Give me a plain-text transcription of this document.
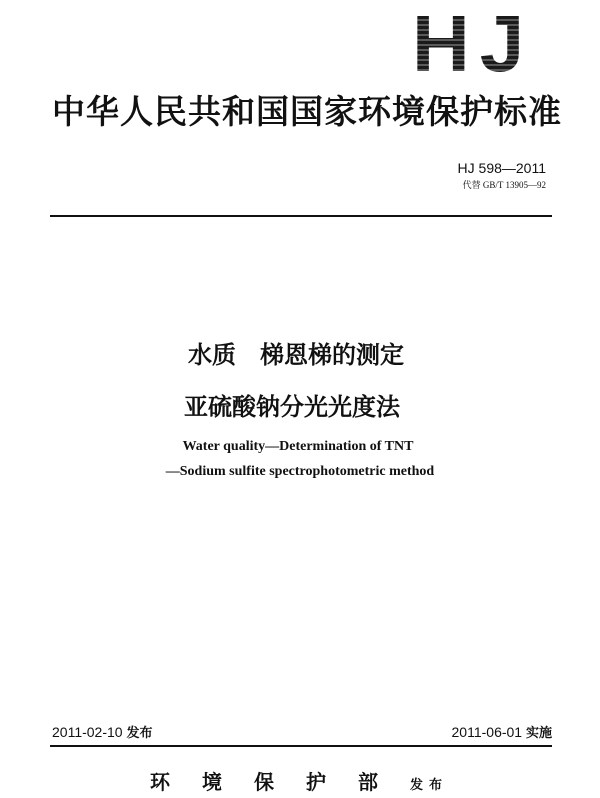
HJ
中华人民共和国国家环境保护标准
HJ 598—2011
代替 GB/T 13905—92
水质　梯恩梯的测定
亚硫酸钠分光光度法
Water quality—Determination of TNT
—Sodium sulfite spectrophotometric method
2011-02-10 发布	2011-06-01 实施
环境保护部发布
